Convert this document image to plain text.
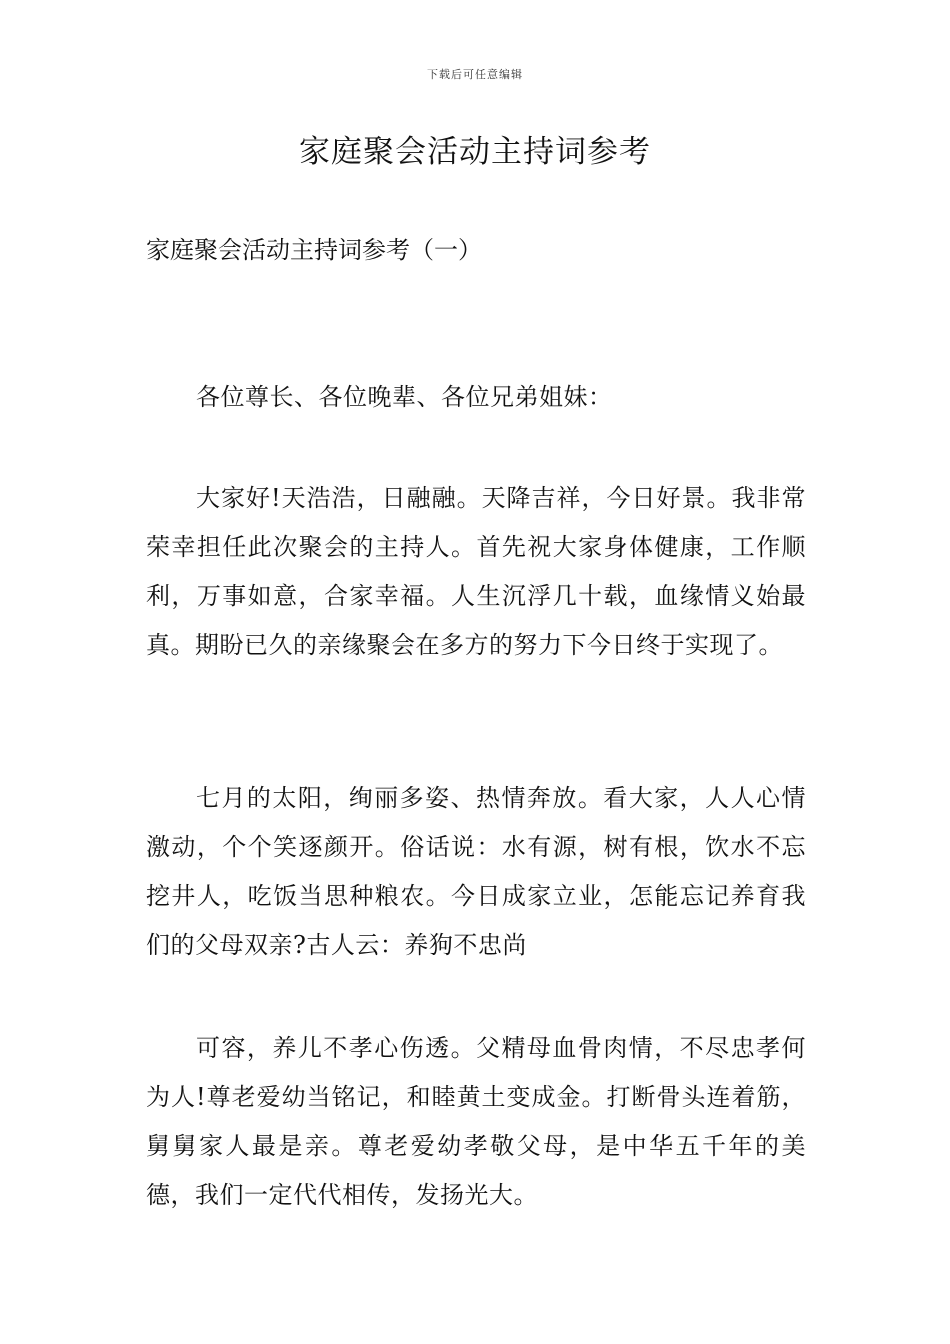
下载后可任意编辑
家庭聚会活动主持词参考

家庭聚会活动主持词参考（一）

各位尊长、各位晚辈、各位兄弟姐妹：

大家好!天浩浩，日融融。天降吉祥，今日好景。我非常荣幸担任此次聚会的主持人。首先祝大家身体健康，工作顺利，万事如意，合家幸福。人生沉浮几十载，血缘情义始最真。期盼已久的亲缘聚会在多方的努力下今日终于实现了。

七月的太阳，绚丽多姿、热情奔放。看大家，人人心情激动，个个笑逐颜开。俗话说：水有源，树有根，饮水不忘挖井人，吃饭当思种粮农。今日成家立业，怎能忘记养育我们的父母双亲?古人云：养狗不忠尚

可容，养儿不孝心伤透。父精母血骨肉情，不尽忠孝何为人!尊老爱幼当铭记，和睦黄土变成金。打断骨头连着筋，舅舅家人最是亲。尊老爱幼孝敬父母，是中华五千年的美德，我们一定代代相传，发扬光大。
